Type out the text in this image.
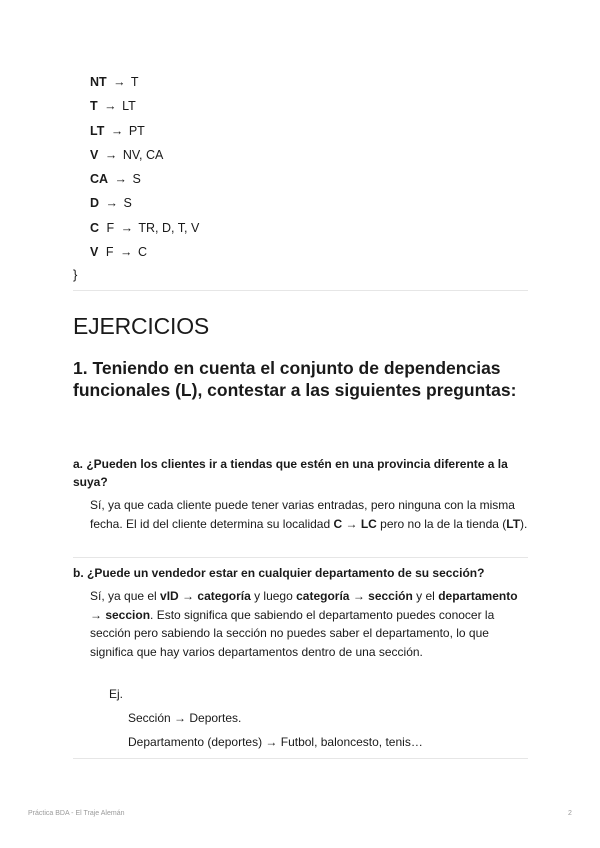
NT → T
T → LT
LT → PT
V → NV, CA
CA → S
D → S
C F → TR, D, T, V
V F → C
}
EJERCICIOS
1. Teniendo en cuenta el conjunto de dependencias funcionales (L), contestar a las siguientes preguntas:
a. ¿Pueden los clientes ir a tiendas que estén en una provincia diferente a la suya?
Sí, ya que cada cliente puede tener varias entradas, pero ninguna con la misma fecha. El id del cliente determina su localidad C → LC pero no la de la tienda (LT).
b. ¿Puede un vendedor estar en cualquier departamento de su sección?
Sí, ya que el vID → categoría y luego categoría → sección y el departamento → seccion. Esto significa que sabiendo el departamento puedes conocer la sección pero sabiendo la sección no puedes saber el departamento, lo que significa que hay varios departamentos dentro de una sección.
Ej.
Sección → Deportes.
Departamento (deportes) → Futbol, baloncesto, tenis…
Práctica BDA - El Traje Alemán	2
